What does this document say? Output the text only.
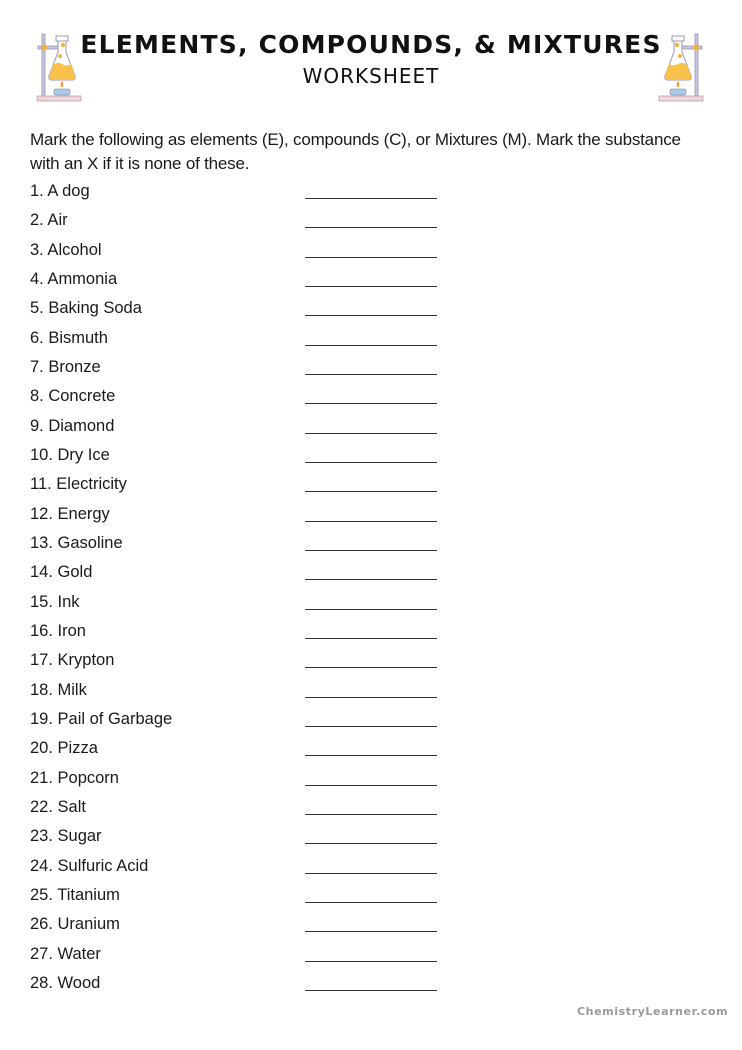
ELEMENTS, COMPOUNDS, & MIXTURES
WORKSHEET
Mark the following as elements (E), compounds (C), or Mixtures (M). Mark the substance with an X if it is none of these.
1. A dog
2. Air
3. Alcohol
4. Ammonia
5. Baking Soda
6. Bismuth
7. Bronze
8. Concrete
9. Diamond
10. Dry Ice
11. Electricity
12. Energy
13. Gasoline
14. Gold
15. Ink
16. Iron
17. Krypton
18. Milk
19. Pail of Garbage
20. Pizza
21. Popcorn
22. Salt
23. Sugar
24. Sulfuric Acid
25. Titanium
26. Uranium
27. Water
28. Wood
ChemistryLearner.com
